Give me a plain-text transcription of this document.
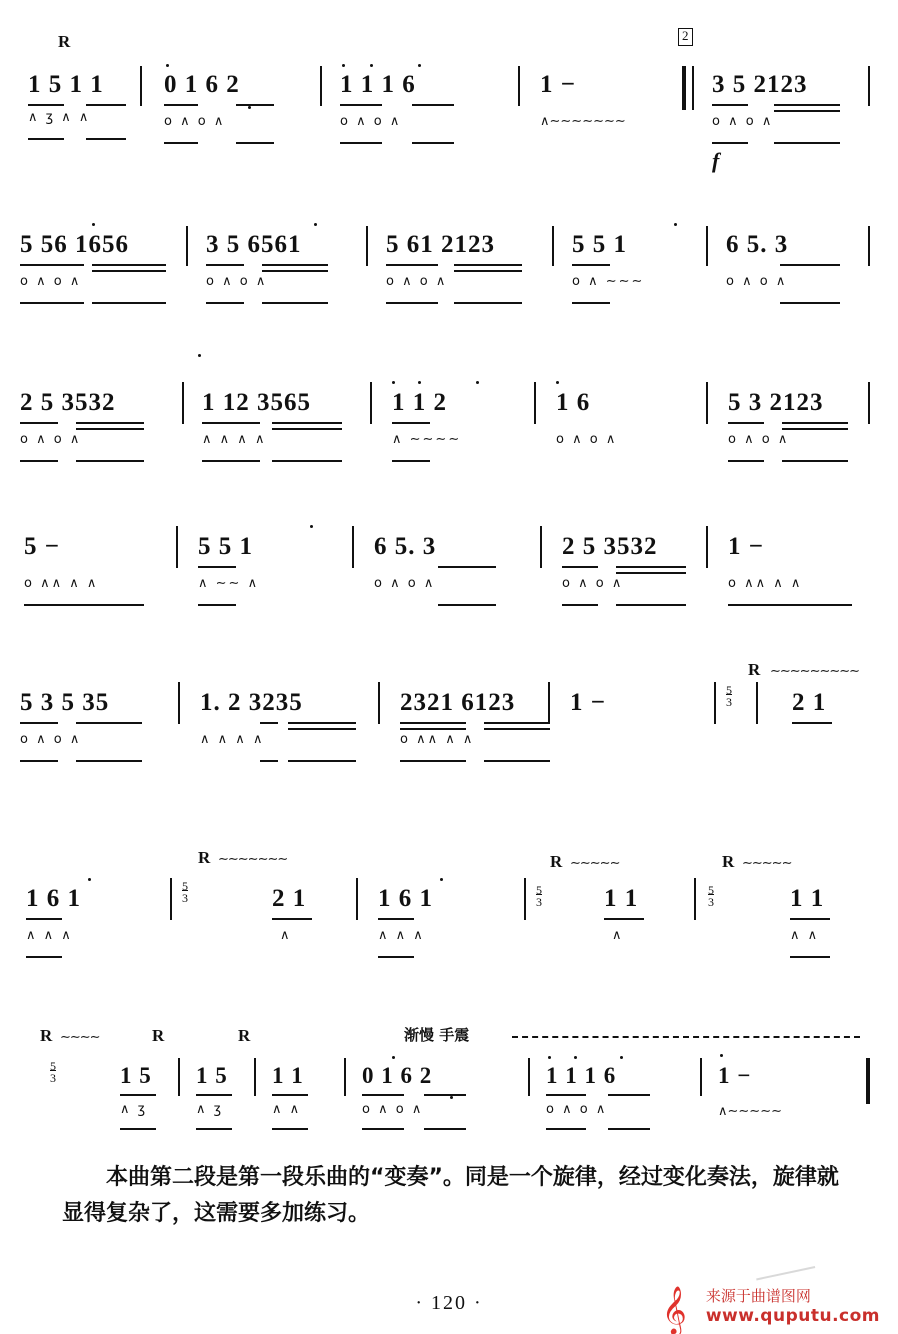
2
1 5 1 1
∧ ʒ ∧ ∧
0 1 6 2
o ∧ o ∧
1 1 1 6
o ∧ o ∧
1 −
∧∼∼∼∼∼∼∼
3 5 2123
o ∧ o ∧
R
f
5 56 1656
o ∧ o ∧
3 5 6561
o ∧ o ∧
5 61 2123
o ∧ o ∧
5 5 1
o ∧ ∼∼∼
6 5. 3
o ∧ o ∧
2 5 3532
o ∧ o ∧
1 12 3565
∧ ∧ ∧ ∧
1 1 2
∧ ∼∼∼∼
1 6
o ∧ o ∧
5 3 2123
o ∧ o ∧
5 −
o ∧∧ ∧ ∧
5 5 1
∧ ∼∼ ∧
6 5. 3
o ∧ o ∧
2 5 3532
o ∧ o ∧
1 −
o ∧∧ ∧ ∧
R ∼∼∼∼∼∼∼∼∼
5 3 5 35
o ∧ o ∧
1. 2 3235
∧ ∧ ∧ ∧
2321 6123
o ∧∧ ∧ ∧
1 −	$\frac{5}{3} 2$ 1
R ∼∼∼∼∼∼∼	R ∼∼∼∼∼	R ∼∼∼∼∼
1 6 1
∧ ∧ ∧
$\frac{5}{3}$	2 1
∧
1 6 1
∧ ∧ ∧
$\frac{5}{3} 1$ 1
∧
$\frac{5}{3}$	1 1
∧ ∧
R ∼∼∼∼	R	R	渐慢 手震
$\frac{5}{3}$	1 5
∧ ʒ
1 5
∧ ʒ
1 1
∧ ∧
0 1 6 2
o ∧ o ∧
1 1 1 6
o ∧ o ∧
1 −
∧∼∼∼∼∼
本曲第二段是第一段乐曲的“变奏”。同是一个旋律，经过变化奏法，旋律就显得复杂了，这需要多加练习。
· 120 ·	𝄞 来源于曲谱图网
www.quputu.com
